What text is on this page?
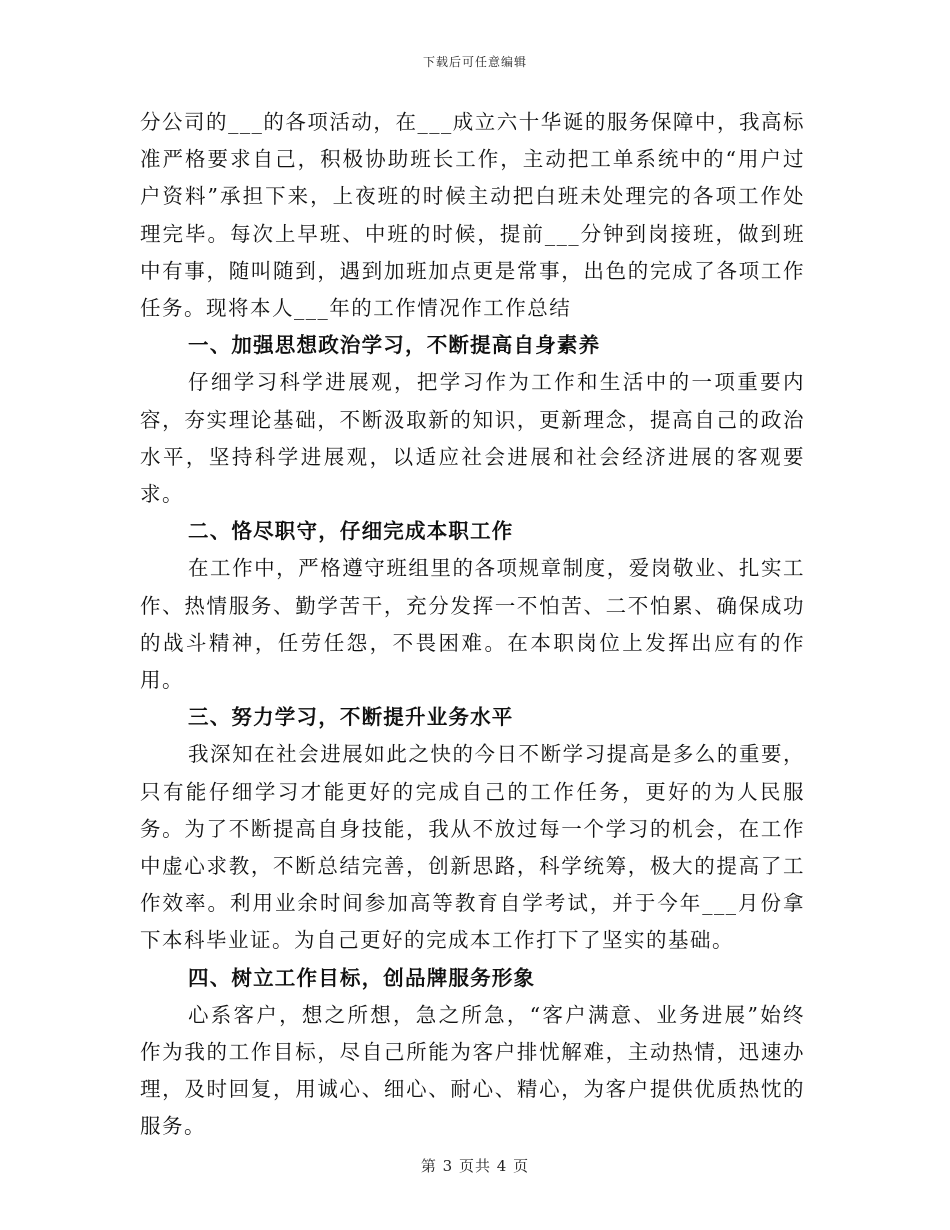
下载后可任意编辑

分公司的___的各项活动，在___成立六十华诞的服务保障中，我高标准严格要求自己，积极协助班长工作，主动把工单系统中的“用户过户资料”承担下来，上夜班的时候主动把白班未处理完的各项工作处理完毕。每次上早班、中班的时候，提前___分钟到岗接班，做到班中有事，随叫随到，遇到加班加点更是常事，出色的完成了各项工作任务。现将本人___年的工作情况作工作总结

一、加强思想政治学习，不断提高自身素养

仔细学习科学进展观，把学习作为工作和生活中的一项重要内容，夯实理论基础，不断汲取新的知识，更新理念，提高自己的政治水平，坚持科学进展观，以适应社会进展和社会经济进展的客观要求。

二、恪尽职守，仔细完成本职工作

在工作中，严格遵守班组里的各项规章制度，爱岗敬业、扎实工作、热情服务、勤学苦干，充分发挥一不怕苦、二不怕累、确保成功的战斗精神，任劳任怨，不畏困难。在本职岗位上发挥出应有的作用。

三、努力学习，不断提升业务水平

我深知在社会进展如此之快的今日不断学习提高是多么的重要，只有能仔细学习才能更好的完成自己的工作任务，更好的为人民服务。为了不断提高自身技能，我从不放过每一个学习的机会，在工作中虚心求教，不断总结完善，创新思路，科学统筹，极大的提高了工作效率。利用业余时间参加高等教育自学考试，并于今年___月份拿下本科毕业证。为自己更好的完成本工作打下了坚实的基础。

四、树立工作目标，创品牌服务形象

心系客户，想之所想，急之所急，“客户满意、业务进展”始终作为我的工作目标，尽自己所能为客户排忧解难，主动热情，迅速办理，及时回复，用诚心、细心、耐心、精心，为客户提供优质热忱的服务。

第 3 页共 4 页
